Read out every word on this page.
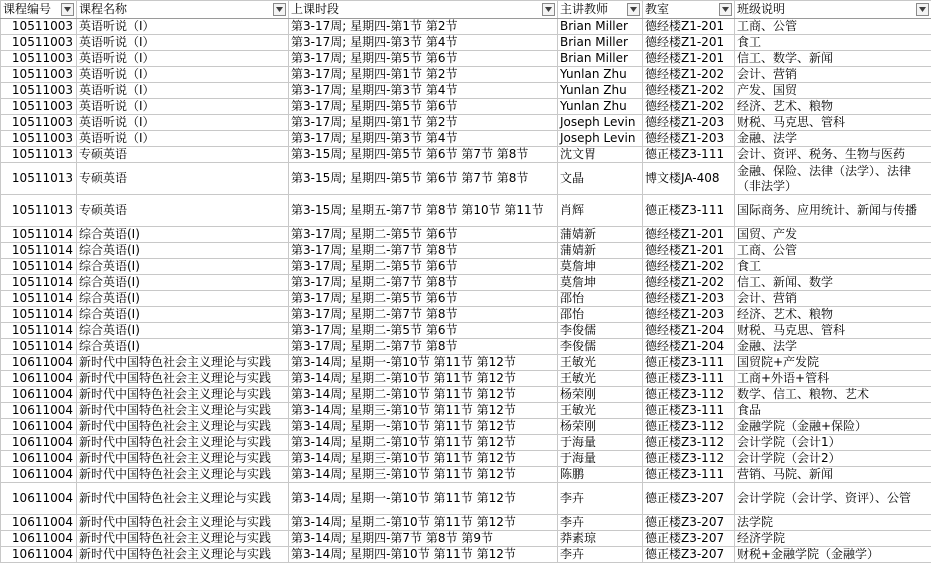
课程编号	课程名称	上课时段	主讲教师	教室	班级说明

10511003	英语听说（Ⅰ）	第3-17周; 星期四-第1节 第2节	Brian Miller	德经楼Z1-201	工商、公管
10511003	英语听说（Ⅰ）	第3-17周; 星期四-第3节 第4节	Brian Miller	德经楼Z1-201	食工
10511003	英语听说（Ⅰ）	第3-17周; 星期四-第5节 第6节	Brian Miller	德经楼Z1-201	信工、数学、新闻
10511003	英语听说（Ⅰ）	第3-17周; 星期四-第1节 第2节	Yunlan Zhu	德经楼Z1-202	会计、营销
10511003	英语听说（Ⅰ）	第3-17周; 星期四-第3节 第4节	Yunlan Zhu	德经楼Z1-202	产发、国贸
10511003	英语听说（Ⅰ）	第3-17周; 星期四-第5节 第6节	Yunlan Zhu	德经楼Z1-202	经济、艺术、粮物
10511003	英语听说（Ⅰ）	第3-17周; 星期四-第1节 第2节	Joseph Levin	德经楼Z1-203	财税、马克思、管科
10511003	英语听说（Ⅰ）	第3-17周; 星期四-第3节 第4节	Joseph Levin	德经楼Z1-203	金融、法学
10511013	专硕英语	第3-15周; 星期四-第5节 第6节 第7节 第8节	沈文胃	德正楼Z3-111	会计、资评、税务、生物与医药
10511013	专硕英语	第3-15周; 星期四-第5节 第6节 第7节 第8节	文晶	博文楼JA-408	金融、保险、法律（法学）、法律（非法学）
10511013	专硕英语	第3-15周; 星期五-第7节 第8节 第10节 第11节	肖辉	德正楼Z3-111	国际商务、应用统计、新闻与传播
10511014	综合英语(Ⅰ)	第3-17周; 星期二-第5节 第6节	蒲婧新	德经楼Z1-201	国贸、产发
10511014	综合英语(Ⅰ)	第3-17周; 星期二-第7节 第8节	蒲婧新	德经楼Z1-201	工商、公管
10511014	综合英语(Ⅰ)	第3-17周; 星期二-第5节 第6节	莫詹坤	德经楼Z1-202	食工
10511014	综合英语(Ⅰ)	第3-17周; 星期二-第7节 第8节	莫詹坤	德经楼Z1-202	信工、新闻、数学
10511014	综合英语(Ⅰ)	第3-17周; 星期二-第5节 第6节	邵怡	德经楼Z1-203	会计、营销
10511014	综合英语(Ⅰ)	第3-17周; 星期二-第7节 第8节	邵怡	德经楼Z1-203	经济、艺术、粮物
10511014	综合英语(Ⅰ)	第3-17周; 星期二-第5节 第6节	李俊儒	德经楼Z1-204	财税、马克思、管科
10511014	综合英语(Ⅰ)	第3-17周; 星期二-第7节 第8节	李俊儒	德经楼Z1-204	金融、法学
10611004	新时代中国特色社会主义理论与实践	第3-14周; 星期一-第10节 第11节 第12节	王敏光	德正楼Z3-111	国贸院+产发院
10611004	新时代中国特色社会主义理论与实践	第3-14周; 星期二-第10节 第11节 第12节	王敏光	德正楼Z3-111	工商+外语+管科
10611004	新时代中国特色社会主义理论与实践	第3-14周; 星期二-第10节 第11节 第12节	杨荣刚	德正楼Z3-112	数学、信工、粮物、艺术
10611004	新时代中国特色社会主义理论与实践	第3-14周; 星期三-第10节 第11节 第12节	王敏光	德正楼Z3-111	食品
10611004	新时代中国特色社会主义理论与实践	第3-14周; 星期一-第10节 第11节 第12节	杨荣刚	德正楼Z3-112	金融学院（金融+保险）
10611004	新时代中国特色社会主义理论与实践	第3-14周; 星期二-第10节 第11节 第12节	于海量	德正楼Z3-112	会计学院（会计1）
10611004	新时代中国特色社会主义理论与实践	第3-14周; 星期三-第10节 第11节 第12节	于海量	德正楼Z3-112	会计学院（会计2）
10611004	新时代中国特色社会主义理论与实践	第3-14周; 星期三-第10节 第11节 第12节	陈鹏	德正楼Z3-111	营销、马院、新闻
10611004	新时代中国特色社会主义理论与实践	第3-14周; 星期一-第10节 第11节 第12节	李卉	德正楼Z3-207	会计学院（会计学、资评）、公管
10611004	新时代中国特色社会主义理论与实践	第3-14周; 星期二-第10节 第11节 第12节	李卉	德正楼Z3-207	法学院
10611004	新时代中国特色社会主义理论与实践	第3-14周; 星期四-第7节 第8节 第9节	莽素琼	德正楼Z3-207	经济学院
10611004	新时代中国特色社会主义理论与实践	第3-14周; 星期四-第10节 第11节 第12节	李卉	德正楼Z3-207	财税+金融学院（金融学）
